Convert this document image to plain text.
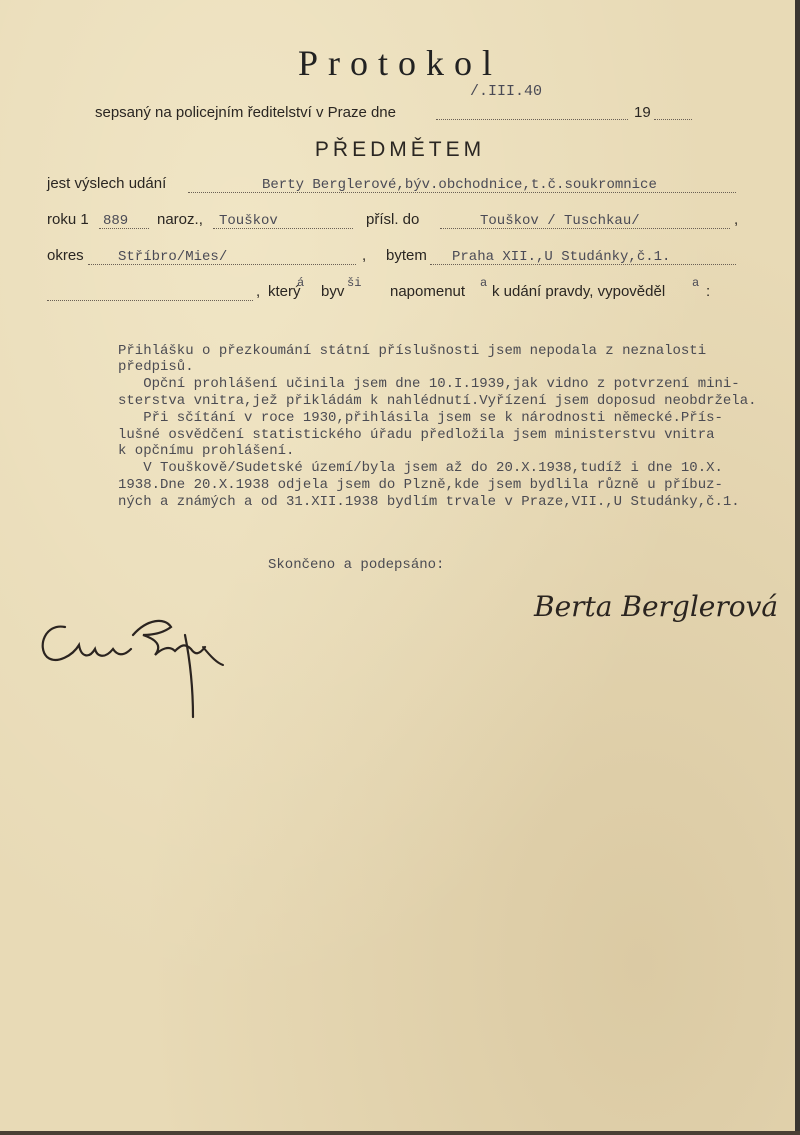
Protokol
sepsaný na policejním ředitelství v Praze dne
/.III.40
19
PŘEDMĚTEM
jest výslech udání	Berty Berglerové,býv.obchodnice,t.č.soukromnice
roku 1 889 naroz., Touškov	přísl. do	Touškov / Tuschkau/	,
okres Stříbro/Mies/	, bytem Praha XII.,U Studánky,č.1.
, který
á byv ši napomenut a k udání pravdy, vypověděl a :
Přihlášku o přezkoumání státní příslušnosti jsem nepodala z neznalosti
předpisů.
Opční prohlášení učinila jsem dne 10.I.1939,jak vidno z potvrzení mini-
sterstva vnitra,jež přikládám k nahlédnutí.Vyřízení jsem doposud neobdržela.
Při sčítání v roce 1930,přihlásila jsem se k národnosti německé.Přís-
lušné osvědčení statistického úřadu předložila jsem ministerstvu vnitra
k opčnímu prohlášení.
V Touškově/Sudetské území/byla jsem až do 20.X.1938,tudíž i dne 10.X.
1938.Dne 20.X.1938 odjela jsem do Plzně,kde jsem bydlila různě u příbuz-
ných a známých a od 31.XII.1938 bydlím trvale v Praze,VII.,U Studánky,č.1.
Skončeno a podepsáno:
Berta Berglerová
